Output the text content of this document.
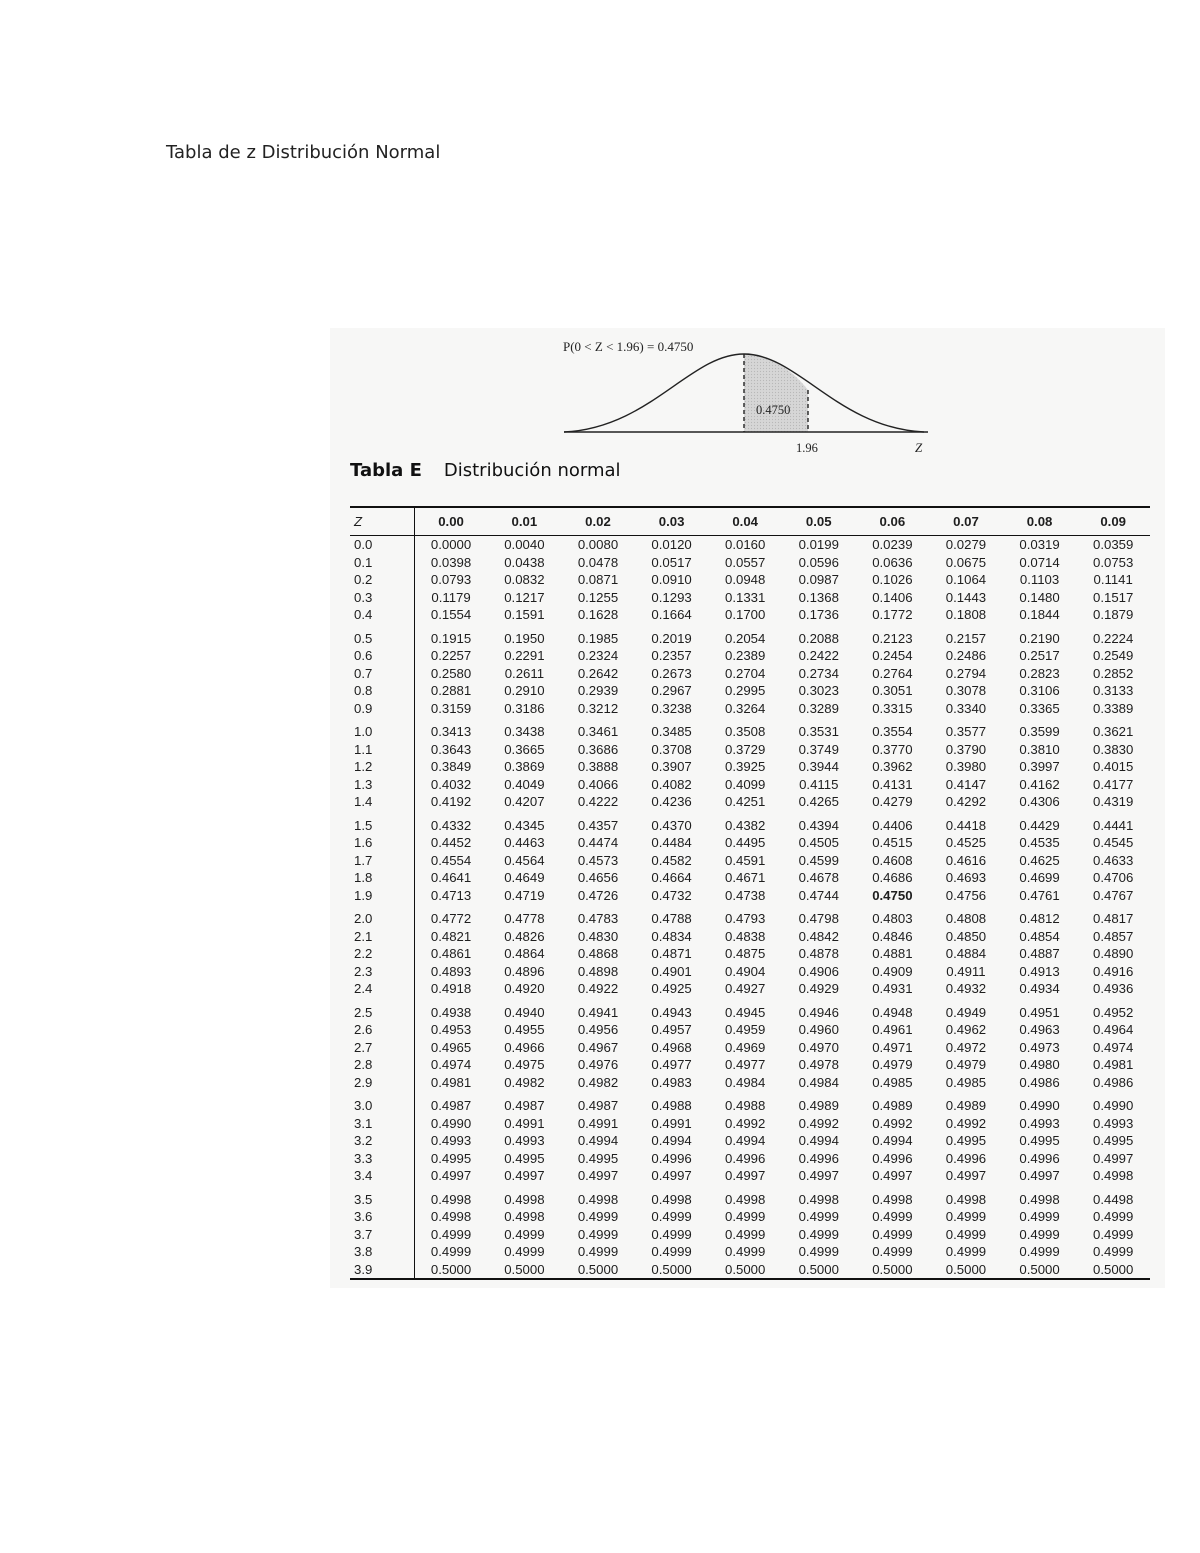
Tabla de z Distribución Normal
P(0 < Z < 1.96) = 0.4750
0.4750
1.96	Z
Tabla E Distribución normal
Z	0.00	0.01	0.02	0.03	0.04	0.05	0.06	0.07	0.08	0.09
0.0	0.0000	0.0040	0.0080	0.0120	0.0160	0.0199	0.0239	0.0279	0.0319	0.0359
0.1	0.0398	0.0438	0.0478	0.0517	0.0557	0.0596	0.0636	0.0675	0.0714	0.0753
0.2	0.0793	0.0832	0.0871	0.0910	0.0948	0.0987	0.1026	0.1064	0.1103	0.1141
0.3	0.1179	0.1217	0.1255	0.1293	0.1331	0.1368	0.1406	0.1443	0.1480	0.1517
0.4	0.1554	0.1591	0.1628	0.1664	0.1700	0.1736	0.1772	0.1808	0.1844	0.1879
0.5	0.1915	0.1950	0.1985	0.2019	0.2054	0.2088	0.2123	0.2157	0.2190	0.2224
0.6	0.2257	0.2291	0.2324	0.2357	0.2389	0.2422	0.2454	0.2486	0.2517	0.2549
0.7	0.2580	0.2611	0.2642	0.2673	0.2704	0.2734	0.2764	0.2794	0.2823	0.2852
0.8	0.2881	0.2910	0.2939	0.2967	0.2995	0.3023	0.3051	0.3078	0.3106	0.3133
0.9	0.3159	0.3186	0.3212	0.3238	0.3264	0.3289	0.3315	0.3340	0.3365	0.3389
1.0	0.3413	0.3438	0.3461	0.3485	0.3508	0.3531	0.3554	0.3577	0.3599	0.3621
1.1	0.3643	0.3665	0.3686	0.3708	0.3729	0.3749	0.3770	0.3790	0.3810	0.3830
1.2	0.3849	0.3869	0.3888	0.3907	0.3925	0.3944	0.3962	0.3980	0.3997	0.4015
1.3	0.4032	0.4049	0.4066	0.4082	0.4099	0.4115	0.4131	0.4147	0.4162	0.4177
1.4	0.4192	0.4207	0.4222	0.4236	0.4251	0.4265	0.4279	0.4292	0.4306	0.4319
1.5	0.4332	0.4345	0.4357	0.4370	0.4382	0.4394	0.4406	0.4418	0.4429	0.4441
1.6	0.4452	0.4463	0.4474	0.4484	0.4495	0.4505	0.4515	0.4525	0.4535	0.4545
1.7	0.4554	0.4564	0.4573	0.4582	0.4591	0.4599	0.4608	0.4616	0.4625	0.4633
1.8	0.4641	0.4649	0.4656	0.4664	0.4671	0.4678	0.4686	0.4693	0.4699	0.4706
1.9	0.4713	0.4719	0.4726	0.4732	0.4738	0.4744	0.4750	0.4756	0.4761	0.4767
2.0	0.4772	0.4778	0.4783	0.4788	0.4793	0.4798	0.4803	0.4808	0.4812	0.4817
2.1	0.4821	0.4826	0.4830	0.4834	0.4838	0.4842	0.4846	0.4850	0.4854	0.4857
2.2	0.4861	0.4864	0.4868	0.4871	0.4875	0.4878	0.4881	0.4884	0.4887	0.4890
2.3	0.4893	0.4896	0.4898	0.4901	0.4904	0.4906	0.4909	0.4911	0.4913	0.4916
2.4	0.4918	0.4920	0.4922	0.4925	0.4927	0.4929	0.4931	0.4932	0.4934	0.4936
2.5	0.4938	0.4940	0.4941	0.4943	0.4945	0.4946	0.4948	0.4949	0.4951	0.4952
2.6	0.4953	0.4955	0.4956	0.4957	0.4959	0.4960	0.4961	0.4962	0.4963	0.4964
2.7	0.4965	0.4966	0.4967	0.4968	0.4969	0.4970	0.4971	0.4972	0.4973	0.4974
2.8	0.4974	0.4975	0.4976	0.4977	0.4977	0.4978	0.4979	0.4979	0.4980	0.4981
2.9	0.4981	0.4982	0.4982	0.4983	0.4984	0.4984	0.4985	0.4985	0.4986	0.4986
3.0	0.4987	0.4987	0.4987	0.4988	0.4988	0.4989	0.4989	0.4989	0.4990	0.4990
3.1	0.4990	0.4991	0.4991	0.4991	0.4992	0.4992	0.4992	0.4992	0.4993	0.4993
3.2	0.4993	0.4993	0.4994	0.4994	0.4994	0.4994	0.4994	0.4995	0.4995	0.4995
3.3	0.4995	0.4995	0.4995	0.4996	0.4996	0.4996	0.4996	0.4996	0.4996	0.4997
3.4	0.4997	0.4997	0.4997	0.4997	0.4997	0.4997	0.4997	0.4997	0.4997	0.4998
3.5	0.4998	0.4998	0.4998	0.4998	0.4998	0.4998	0.4998	0.4998	0.4998	0.4498
3.6	0.4998	0.4998	0.4999	0.4999	0.4999	0.4999	0.4999	0.4999	0.4999	0.4999
3.7	0.4999	0.4999	0.4999	0.4999	0.4999	0.4999	0.4999	0.4999	0.4999	0.4999
3.8	0.4999	0.4999	0.4999	0.4999	0.4999	0.4999	0.4999	0.4999	0.4999	0.4999
3.9	0.5000	0.5000	0.5000	0.5000	0.5000	0.5000	0.5000	0.5000	0.5000	0.5000
